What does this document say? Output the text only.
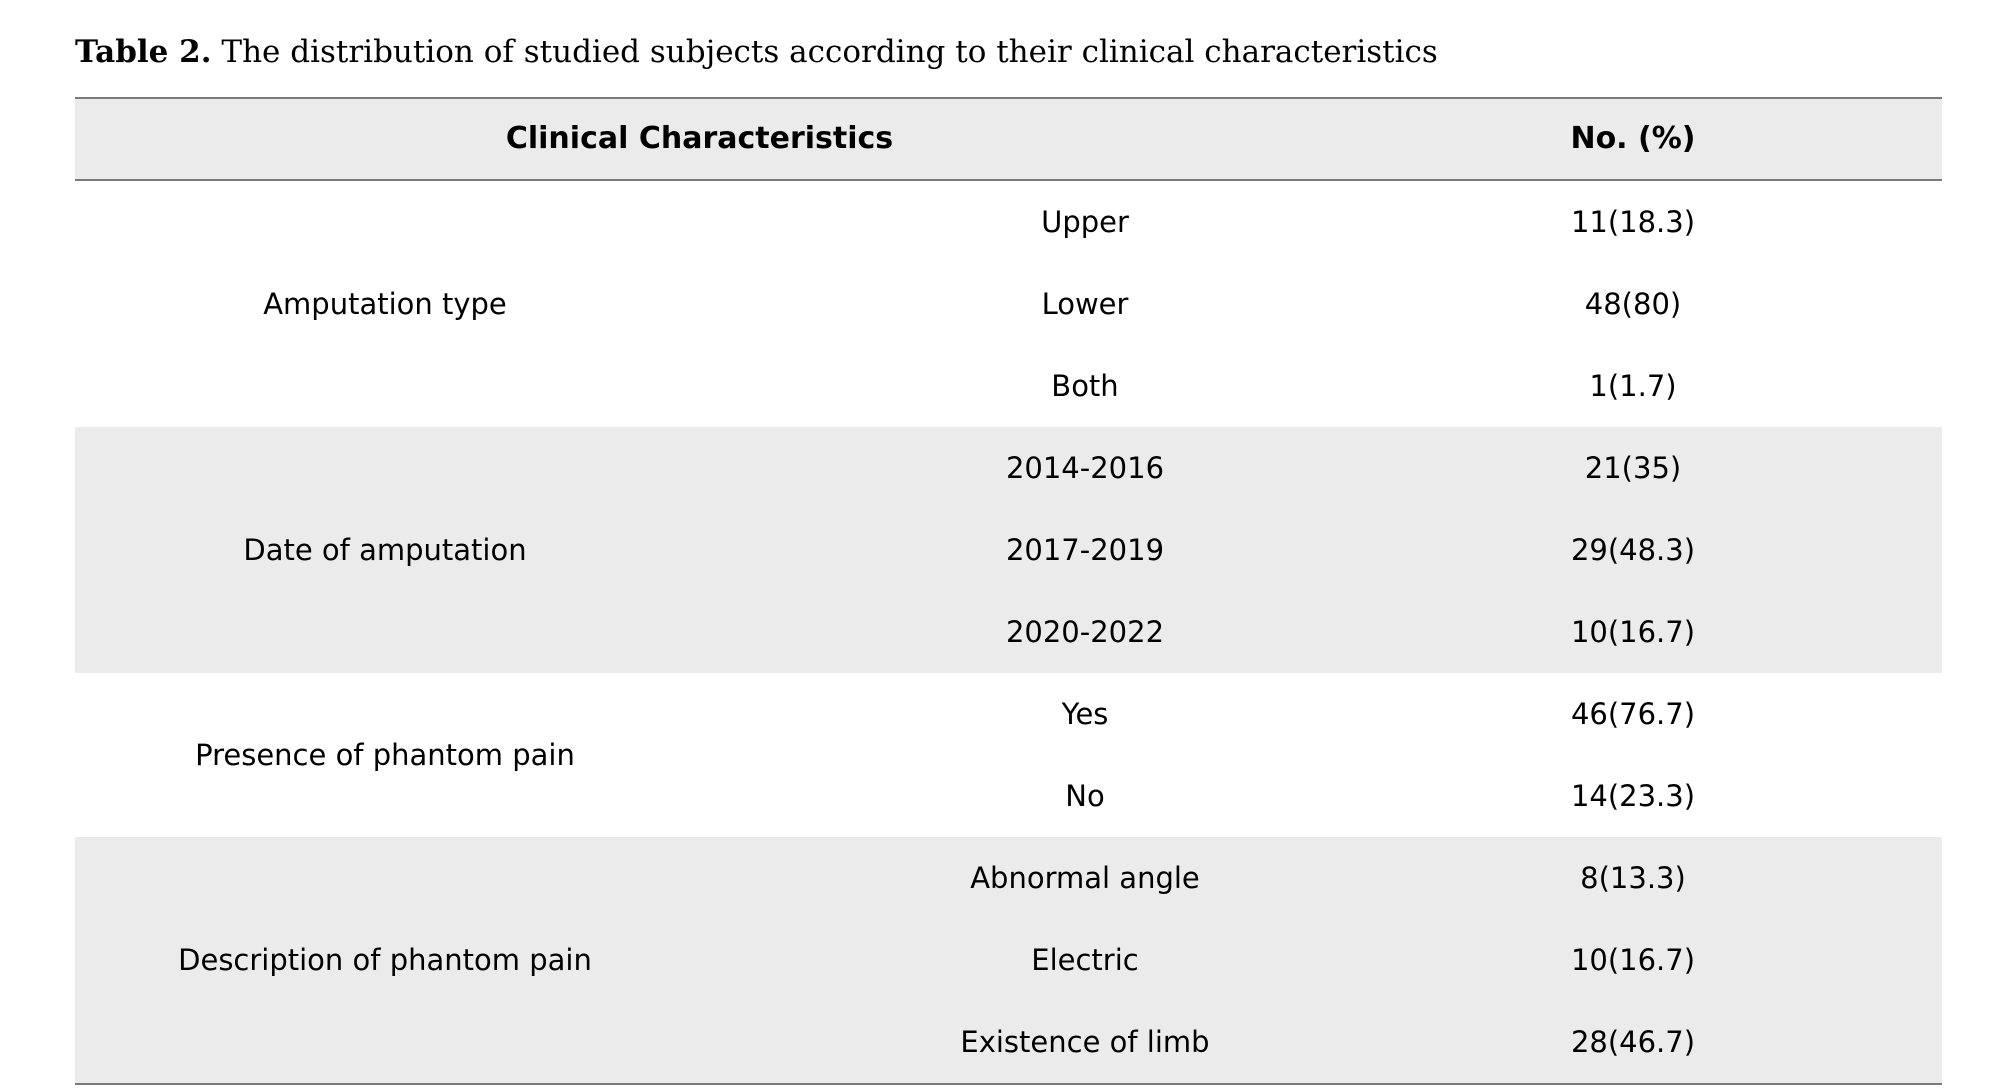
Table 2. The distribution of studied subjects according to their clinical characteristics
Clinical Characteristics	No. (%)
Amputation type
Upper	11(18.3)
Lower	48(80)
Both	1(1.7)
Date of amputation
2014-2016	21(35)
2017-2019	29(48.3)
2020-2022	10(16.7)
Presence of phantom pain
Yes	46(76.7)
No	14(23.3)
Description of phantom pain
Abnormal angle	8(13.3)
Electric	10(16.7)
Existence of limb	28(46.7)
